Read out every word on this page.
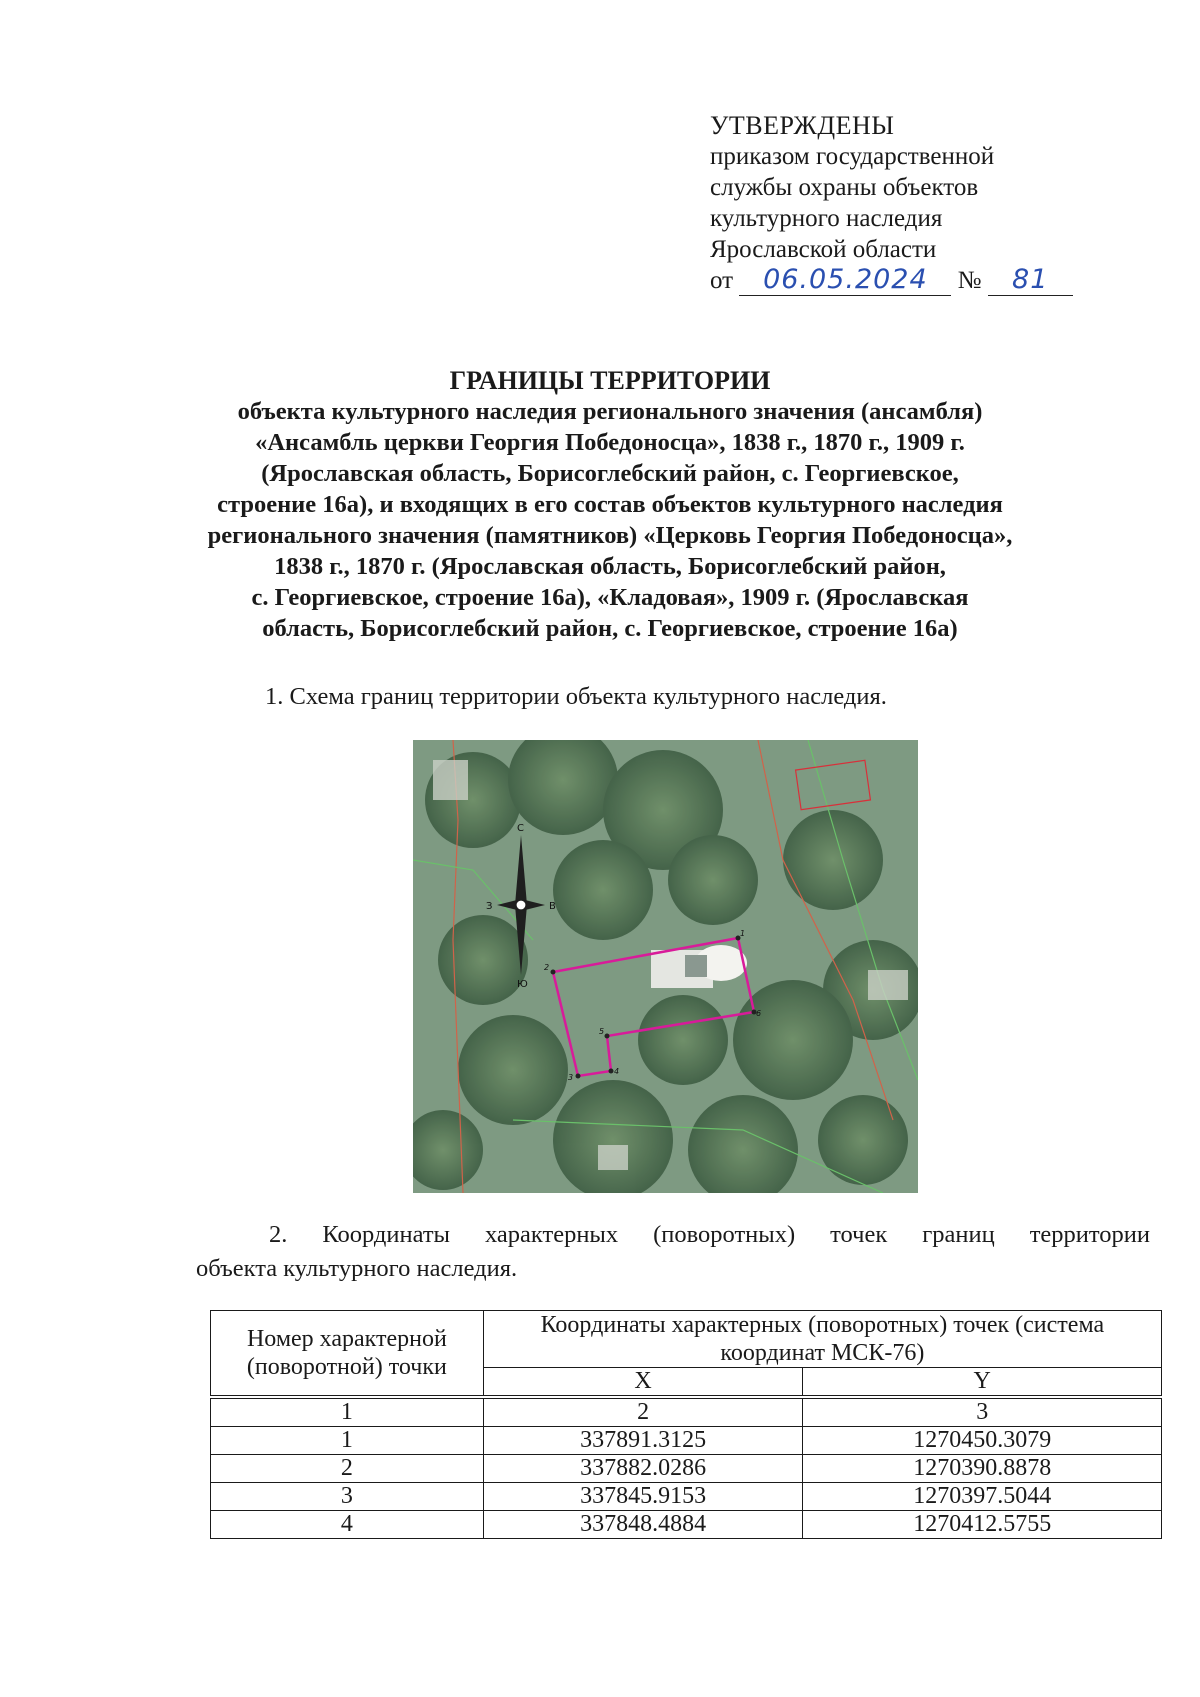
УТВЕРЖДЕНЫ
приказом государственной
службы охраны объектов
культурного наследия
Ярославской области
от 06.05.2024 № 81
ГРАНИЦЫ ТЕРРИТОРИИ
объекта культурного наследия регионального значения (ансамбля)
«Ансамбль церкви Георгия Победоносца», 1838 г., 1870 г., 1909 г.
(Ярославская область, Борисоглебский район, с. Георгиевское,
строение 16а), и входящих в его состав объектов культурного наследия
регионального значения (памятников) «Церковь Георгия Победоносца»,
1838 г., 1870 г. (Ярославская область, Борисоглебский район,
с. Георгиевское, строение 16а), «Кладовая», 1909 г. (Ярославская
область, Борисоглебский район, с. Георгиевское, строение 16а)
1. Схема границ территории объекта культурного наследия.
1
2
3
4
5
6
С
Ю
З	В
2. Координаты характерных (поворотных) точек границ территории
объекта культурного наследия.
Номер характерной (поворотной) точки	Координаты характерных (поворотных) точек (система координат МСК-76)	
	X	Y
1	2	3
1	337891.3125	1270450.3079
2	337882.0286	1270390.8878
3	337845.9153	1270397.5044
4	337848.4884	1270412.5755
